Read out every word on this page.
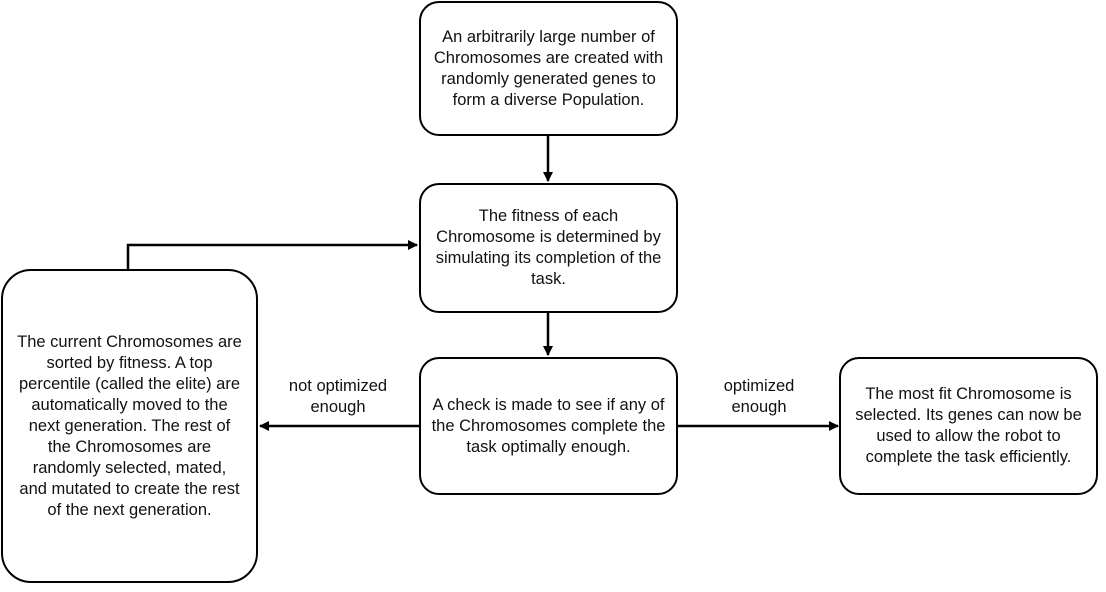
An arbitrarily large number of Chromosomes are created with randomly generated genes to form a diverse Population.
The fitness of each Chromosome is determined by simulating its completion of the task.
A check is made to see if any of the Chromosomes complete the task optimally enough.
The current Chromosomes are sorted by fitness. A top percentile (called the elite) are automatically moved to the next generation. The rest of the Chromosomes are randomly selected, mated, and mutated to create the rest of the next generation.
The most fit Chromosome is selected. Its genes can now be used to allow the robot to complete the task efficiently.
not optimized enough
optimized enough
